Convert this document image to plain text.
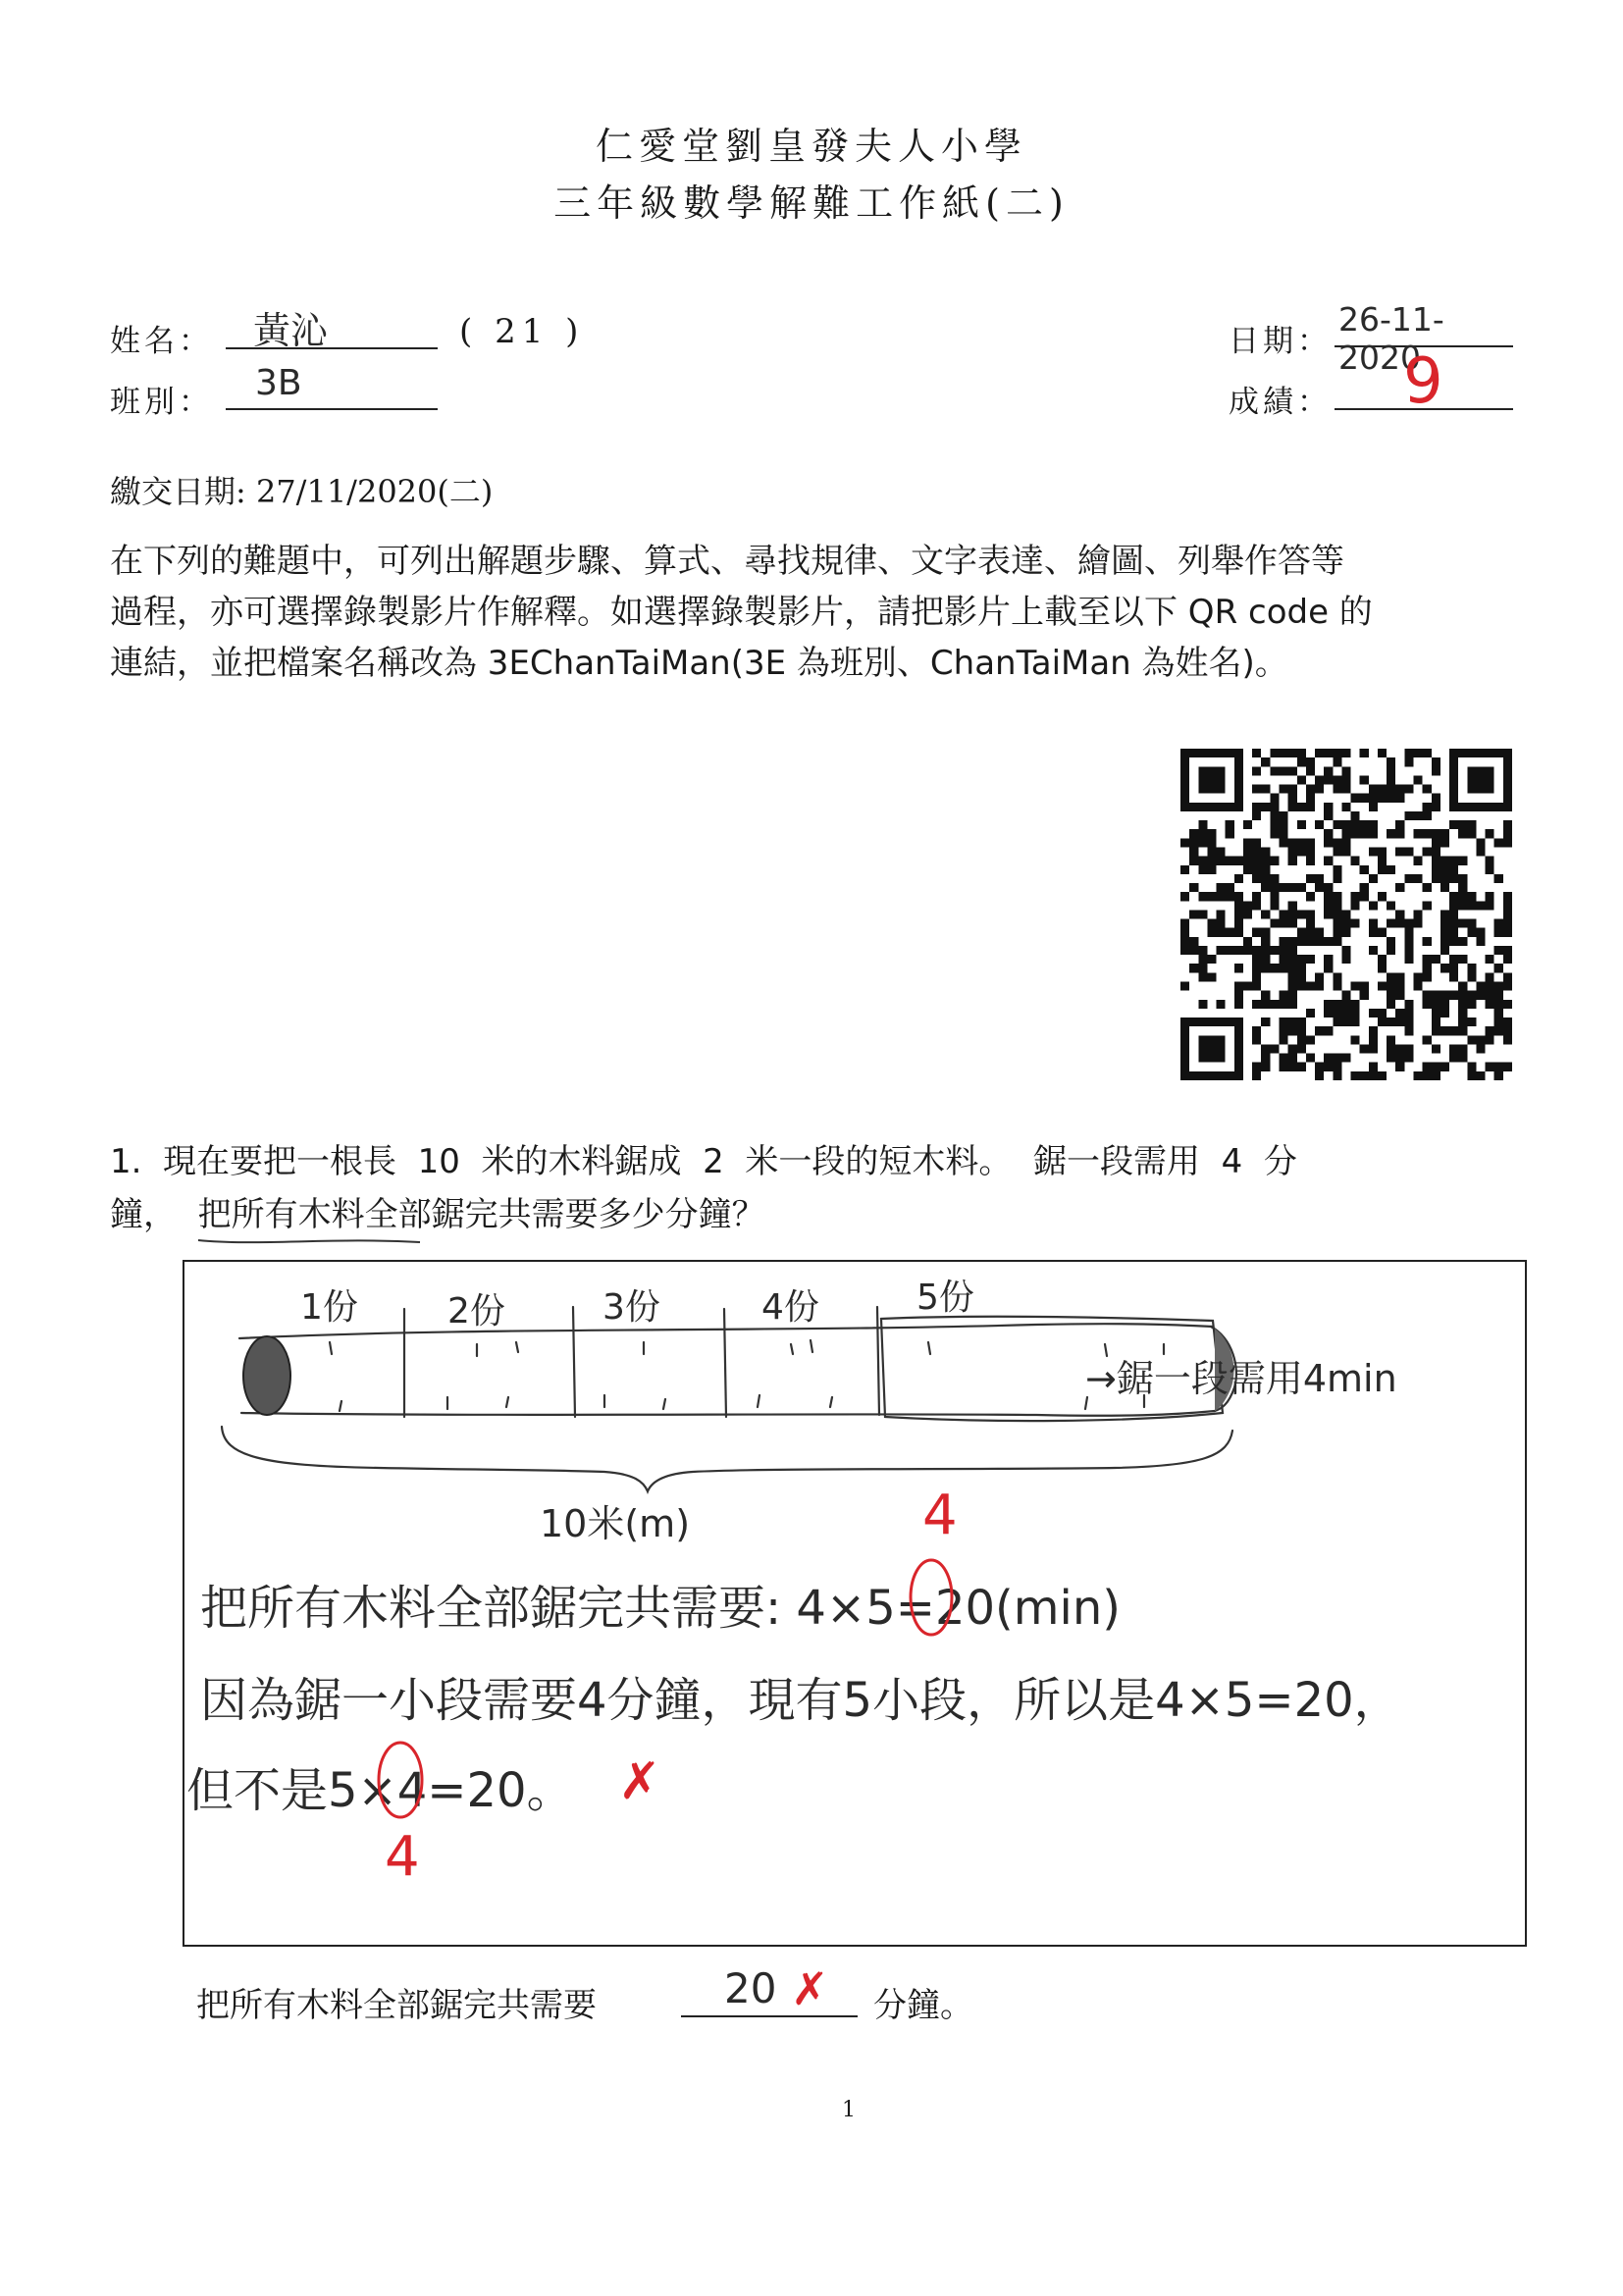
仁愛堂劉皇發夫人小學
三年級數學解難工作紙(二)
姓名： 黃沁	( 21 )
班別： 3B
日期：
26-11-2020
成績： 9
繳交日期: 27/11/2020(二)
在下列的難題中，可列出解題步驟、算式、尋找規律、文字表達、繪圖、列舉作答等
過程，亦可選擇錄製影片作解釋。如選擇錄製影片，請把影片上載至以下 QR code 的
連結，並把檔案名稱改為 3EChanTaiMan(3E 為班別、ChanTaiMan 為姓名)。
1.  現在要把一根長  10  米的木料鋸成  2  米一段的短木料。  鋸一段需用  4  分
鐘，  把所有木料全部鋸完共需要多少分鐘？
1份	2份	3份	4份	5份
→鋸一段需用4min
10米(m)	4
把所有木料全部鋸完共需要: 4×5=20(min)
因為鋸一小段需要4分鐘，現有5小段，所以是4×5=20，
但不是5×4=20。 ✗
4
把所有木料全部鋸完共需要	20 ✗ 分鐘。
1
